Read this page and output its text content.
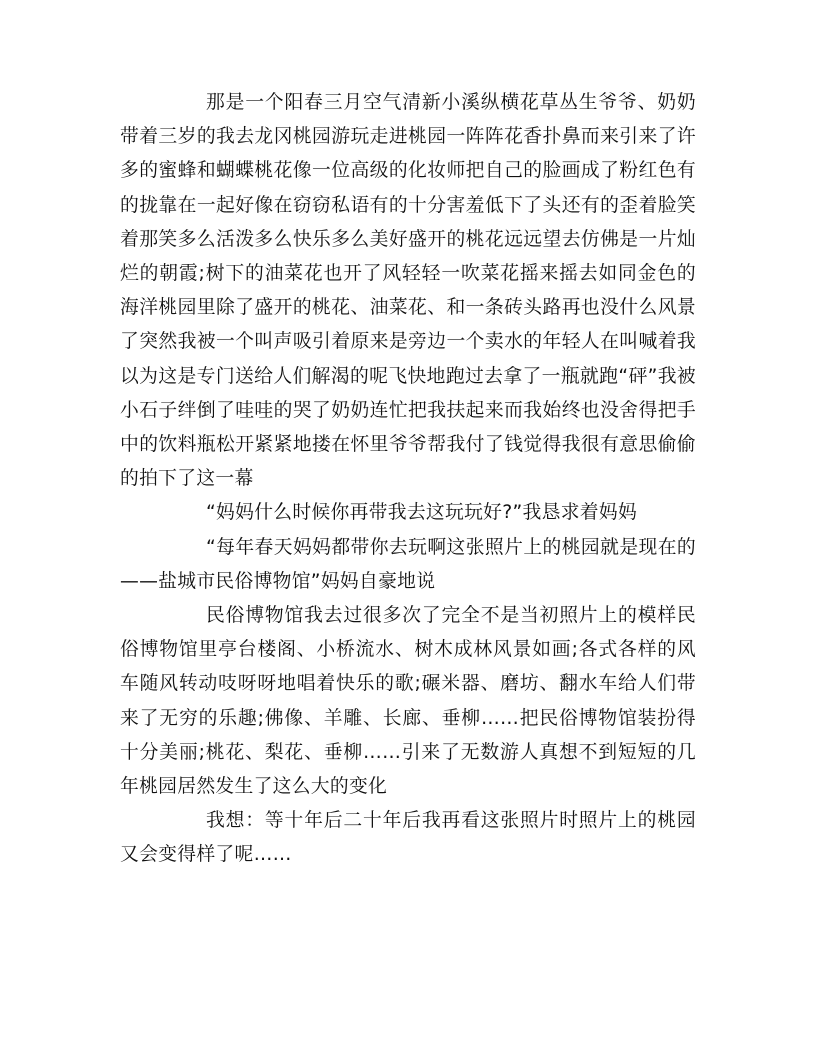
那是一个阳春三月空气清新小溪纵横花草丛生爷爷、奶奶带着三岁的我去龙冈桃园游玩走进桃园一阵阵花香扑鼻而来引来了许多的蜜蜂和蝴蝶桃花像一位高级的化妆师把自己的脸画成了粉红色有的拢靠在一起好像在窃窃私语有的十分害羞低下了头还有的歪着脸笑着那笑多么活泼多么快乐多么美好盛开的桃花远远望去仿佛是一片灿烂的朝霞;树下的油菜花也开了风轻轻一吹菜花摇来摇去如同金色的海洋桃园里除了盛开的桃花、油菜花、和一条砖头路再也没什么风景了突然我被一个叫声吸引着原来是旁边一个卖水的年轻人在叫喊着我以为这是专门送给人们解渴的呢飞快地跑过去拿了一瓶就跑“砰”我被小石子绊倒了哇哇的哭了奶奶连忙把我扶起来而我始终也没舍得把手中的饮料瓶松开紧紧地搂在怀里爷爷帮我付了钱觉得我很有意思偷偷的拍下了这一幕

“妈妈什么时候你再带我去这玩玩好?”我恳求着妈妈

“每年春天妈妈都带你去玩啊这张照片上的桃园就是现在的——盐城市民俗博物馆”妈妈自豪地说

民俗博物馆我去过很多次了完全不是当初照片上的模样民俗博物馆里亭台楼阁、小桥流水、树木成林风景如画;各式各样的风车随风转动吱呀呀地唱着快乐的歌;碾米器、磨坊、翻水车给人们带来了无穷的乐趣;佛像、羊雕、长廊、垂柳……把民俗博物馆装扮得十分美丽;桃花、梨花、垂柳……引来了无数游人真想不到短短的几年桃园居然发生了这么大的变化

我想：等十年后二十年后我再看这张照片时照片上的桃园又会变得样了呢……
